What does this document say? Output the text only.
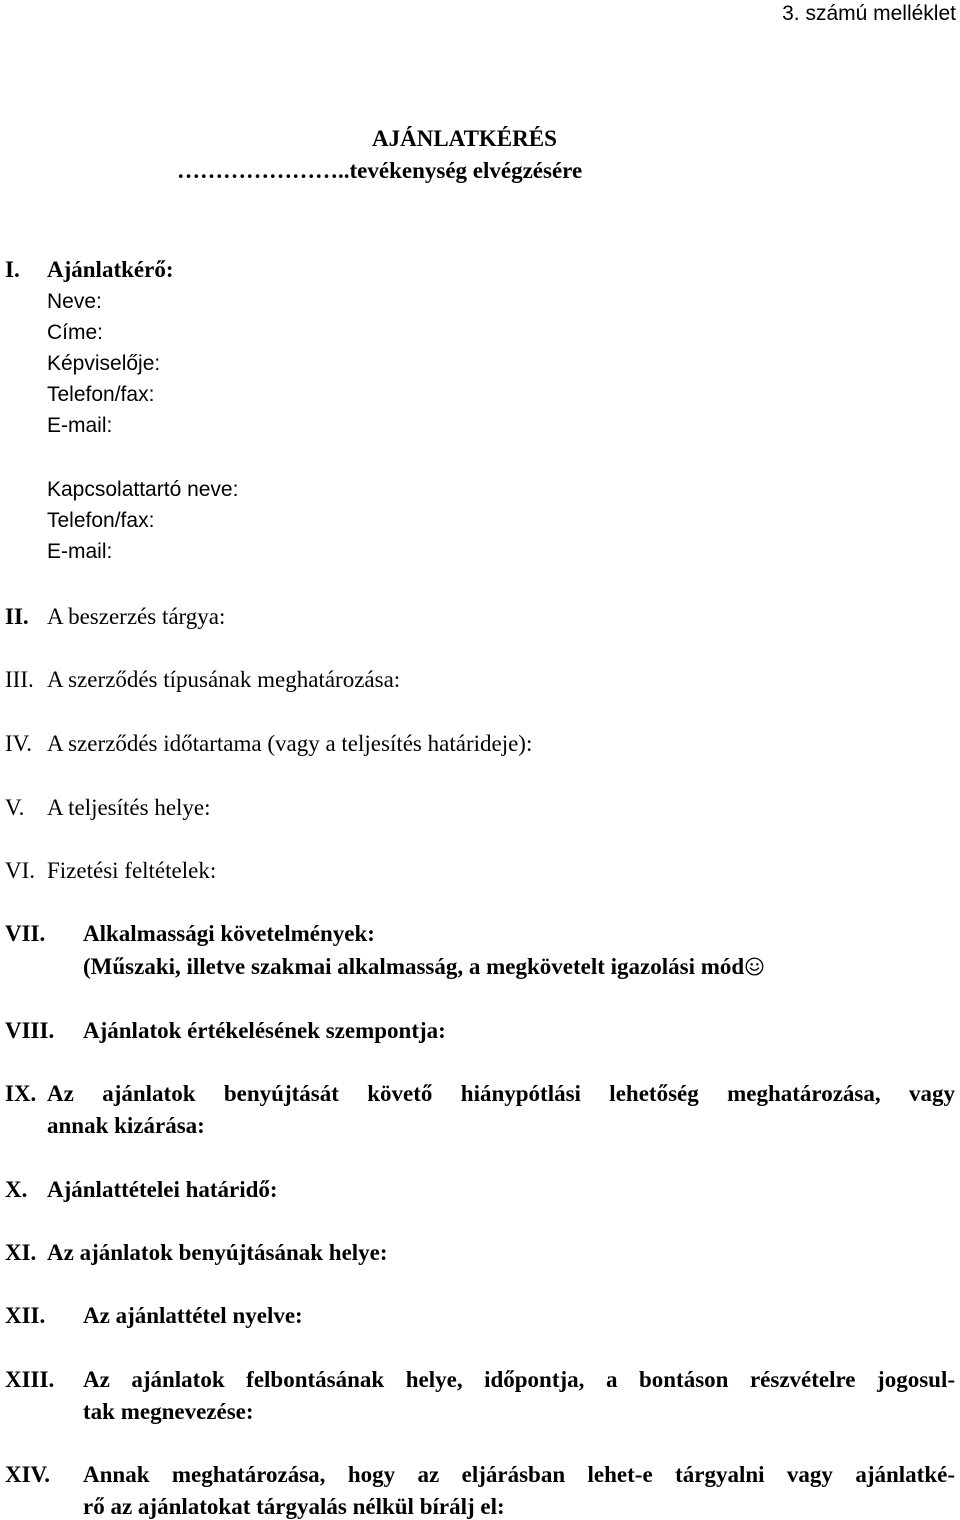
3. számú melléklet
AJÁNLATKÉRÉS
…………………..tevékenység elvégzésére
I. Ajánlatkérő:
Neve:
Címe:
Képviselője:
Telefon/fax:
E-mail:
Kapcsolattartó neve:
Telefon/fax:
E-mail:
II. A beszerzés tárgya:
III. A szerződés típusának meghatározása:
IV. A szerződés időtartama (vagy a teljesítés határideje):
V. A teljesítés helye:
VI. Fizetési feltételek:
VII. Alkalmassági követelmények:
(Műszaki, illetve szakmai alkalmasság, a megkövetelt igazolási mód
VIII. Ajánlatok értékelésének szempontja:
IX. Az ajánlatok benyújtását követő hiánypótlási lehetőség meghatározása, vagy
annak kizárása:
X. Ajánlattételei határidő:
XI. Az ajánlatok benyújtásának helye:
XII. Az ajánlattétel nyelve:
XIII. Az ajánlatok felbontásának helye, időpontja, a bontáson részvételre jogosul-
tak megnevezése:
XIV. Annak meghatározása, hogy az eljárásban lehet-e tárgyalni vagy ajánlatké-
rő az ajánlatokat tárgyalás nélkül bírálj el:
